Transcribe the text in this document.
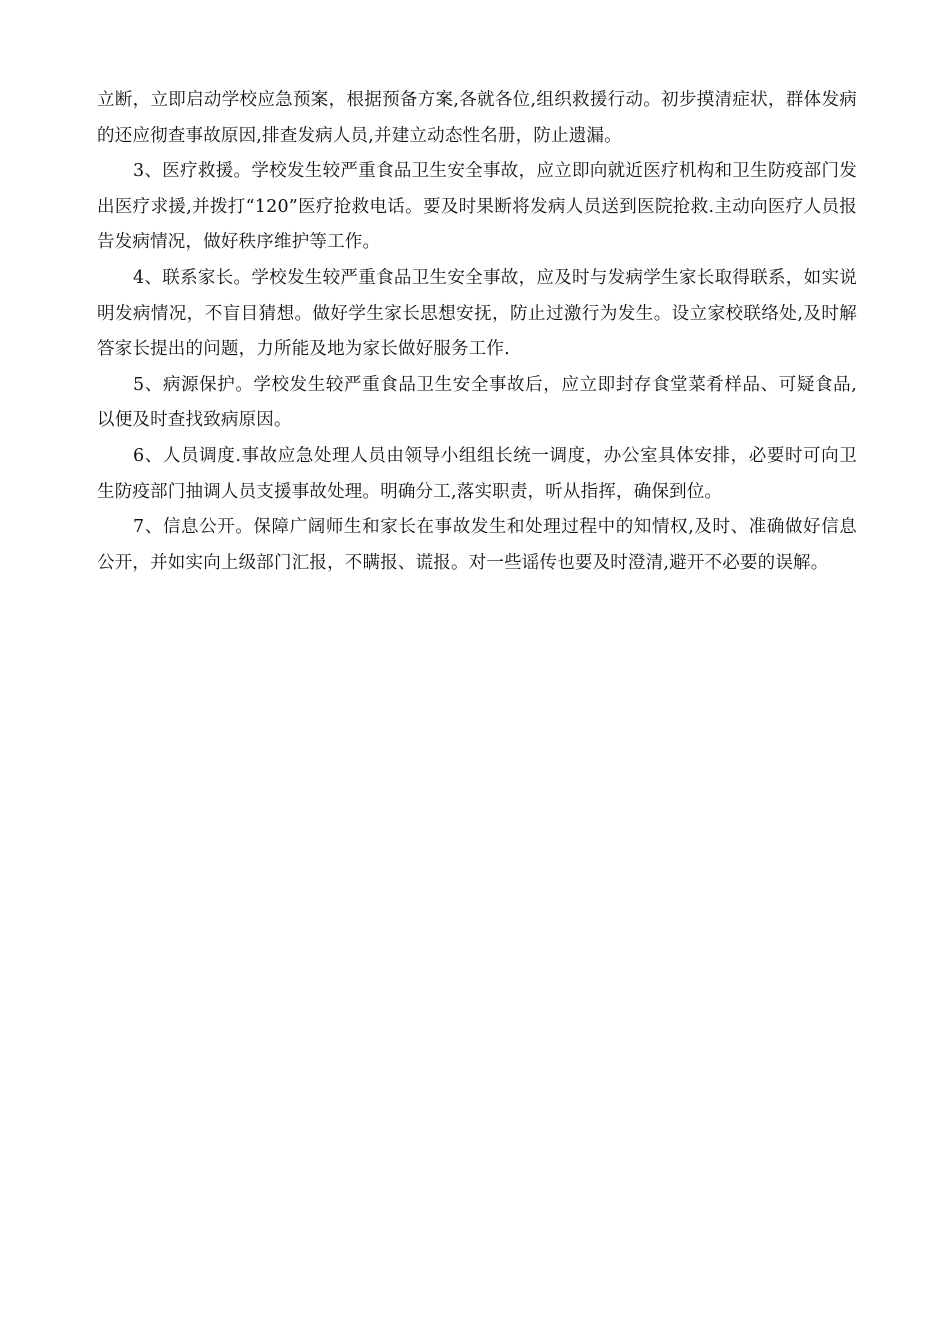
立断，立即启动学校应急预案，根据预备方案,各就各位,组织救援行动。初步摸清症状，群体发病的还应彻查事故原因,排查发病人员,并建立动态性名册，防止遗漏。

3、医疗救援。学校发生较严重食品卫生安全事故，应立即向就近医疗机构和卫生防疫部门发出医疗求援,并拨打“120”医疗抢救电话。要及时果断将发病人员送到医院抢救.主动向医疗人员报告发病情况，做好秩序维护等工作。

4、联系家长。学校发生较严重食品卫生安全事故，应及时与发病学生家长取得联系，如实说明发病情况，不盲目猜想。做好学生家长思想安抚，防止过激行为发生。设立家校联络处,及时解答家长提出的问题，力所能及地为家长做好服务工作.

5、病源保护。学校发生较严重食品卫生安全事故后，应立即封存食堂菜肴样品、可疑食品,以便及时查找致病原因。

6、人员调度.事故应急处理人员由领导小组组长统一调度，办公室具体安排，必要时可向卫生防疫部门抽调人员支援事故处理。明确分工,落实职责，听从指挥，确保到位。

7、信息公开。保障广阔师生和家长在事故发生和处理过程中的知情权,及时、准确做好信息公开，并如实向上级部门汇报，不瞒报、谎报。对一些谣传也要及时澄清,避开不必要的误解。
